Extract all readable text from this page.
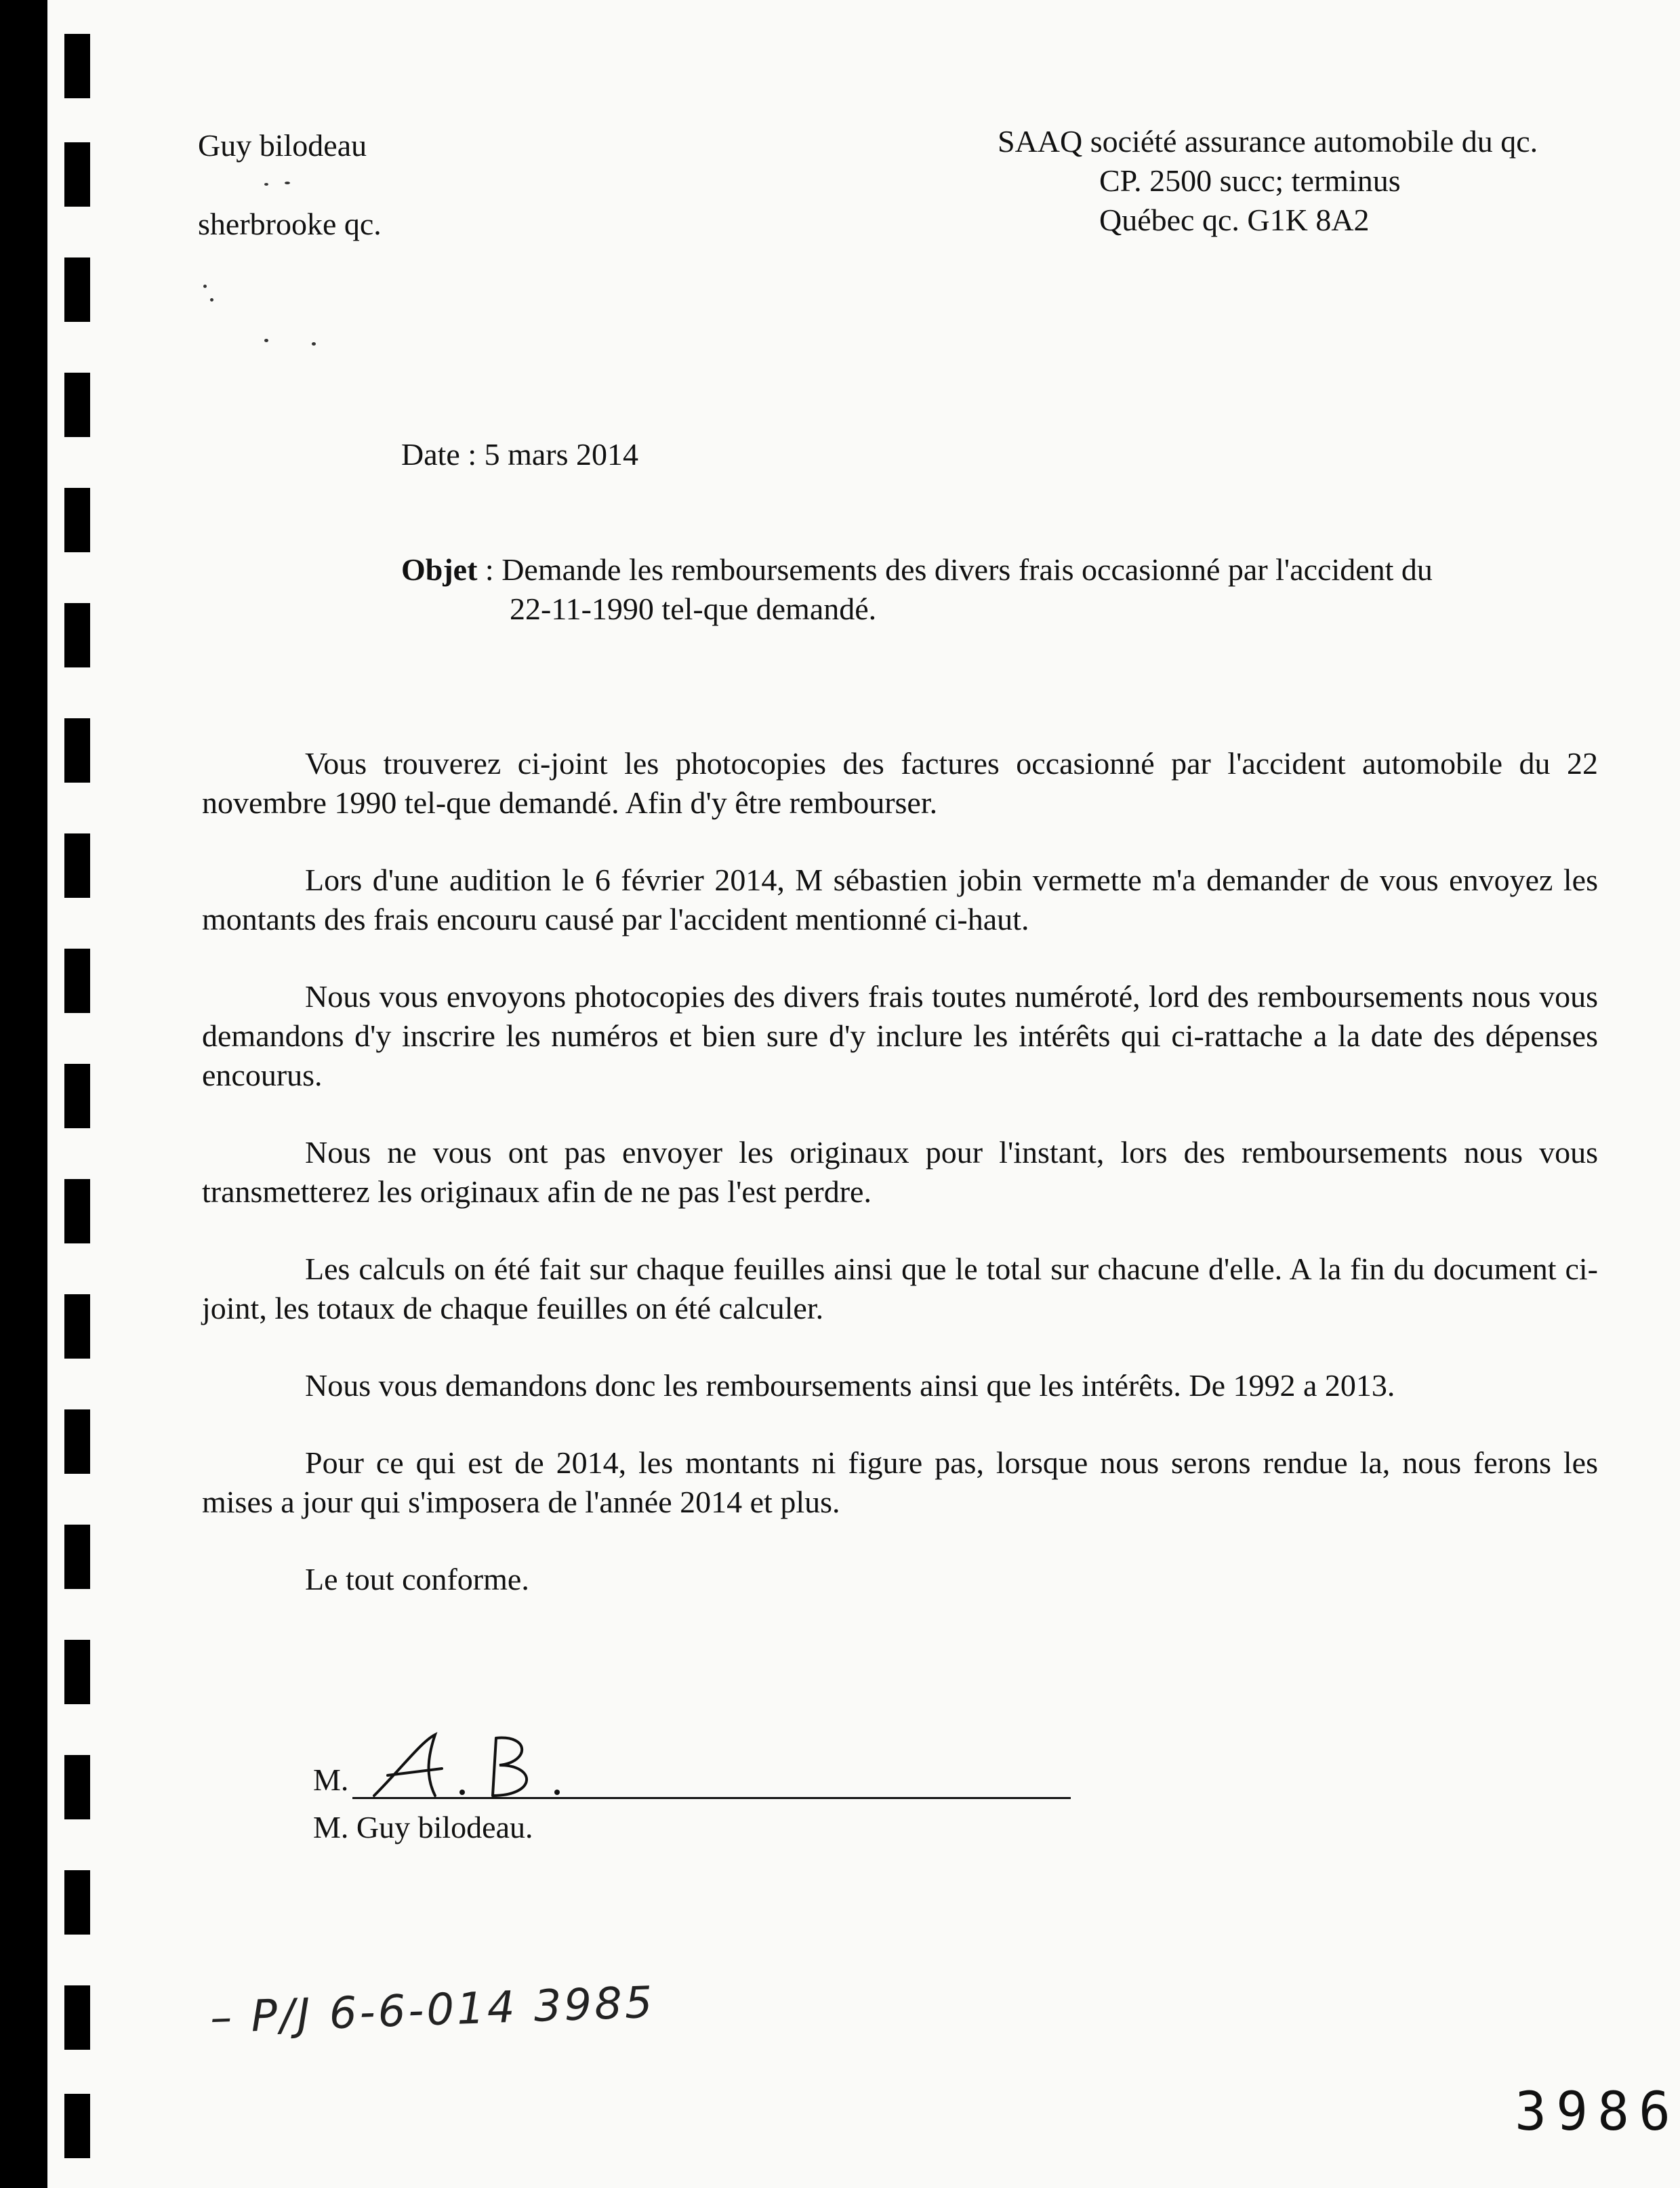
Guy bilodeau
sherbrooke qc.
SAAQ société assurance automobile du qc.
CP. 2500 succ; terminus
Québec qc. G1K 8A2
Date : 5 mars 2014
Objet : Demande les remboursements des divers frais occasionné par l'accident du
22-11-1990 tel-que demandé.

Vous trouverez ci-joint les photocopies des factures occasionné par l'accident automobile du 22 novembre 1990 tel-que demandé. Afin d'y être rembourser.

Lors d'une audition le 6 février 2014, M sébastien jobin vermette m'a demander de vous envoyez les montants des frais encouru causé par l'accident mentionné ci-haut.

Nous vous envoyons photocopies des divers frais toutes numéroté, lord des remboursements nous vous demandons d'y inscrire les numéros et bien sure d'y inclure les intérêts qui ci-rattache a la date des dépenses encourus.

Nous ne vous ont pas envoyer les originaux pour l'instant, lors des remboursements nous vous transmetterez les originaux afin de ne pas l'est perdre.

Les calculs on été fait sur chaque feuilles ainsi que le total sur chacune d'elle. A la fin du document ci-joint, les totaux de chaque feuilles on été calculer.

Nous vous demandons donc les remboursements ainsi que les intérêts. De 1992 a 2013.

Pour ce qui est de 2014, les montants ni figure pas, lorsque nous serons rendue la, nous ferons les mises a jour qui s'imposera de l'année 2014 et plus.

Le tout conforme.

M.
M. Guy bilodeau.
– P/J 6-6-014 3985
3986
